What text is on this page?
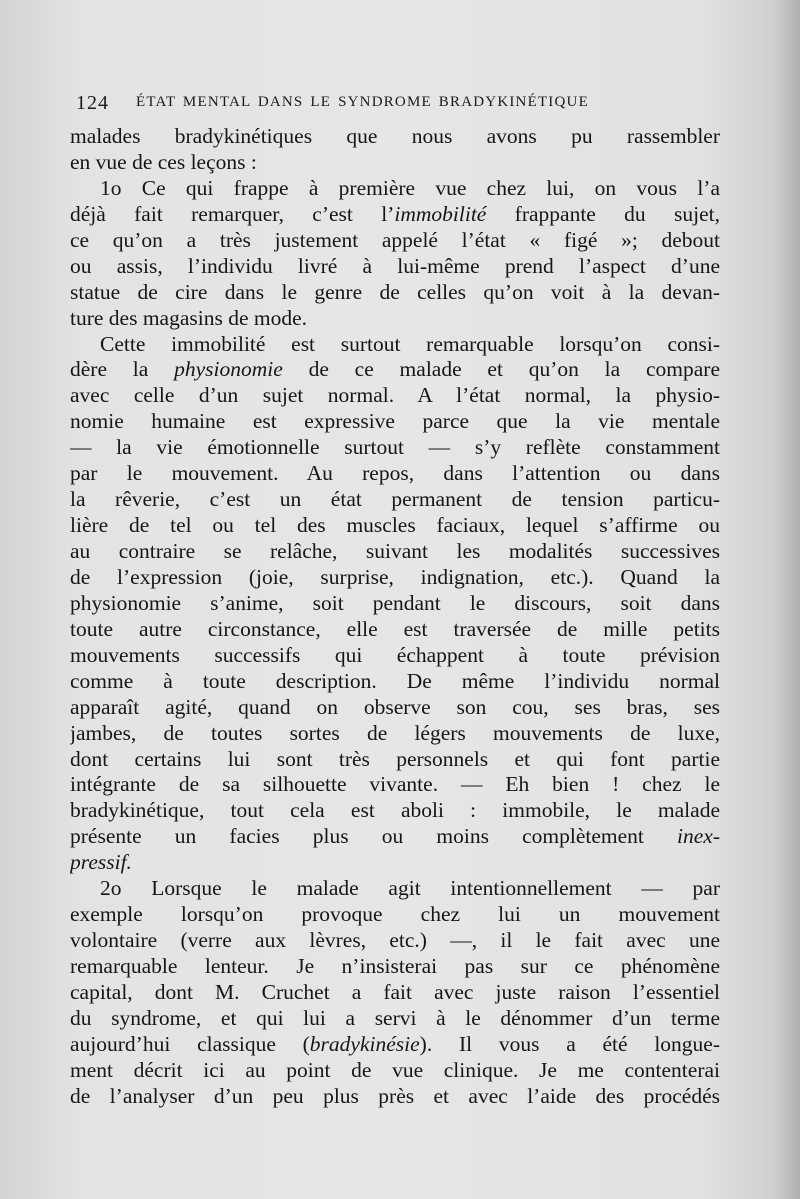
124 ÉTAT MENTAL DANS LE SYNDROME BRADYKINÉTIQUE
malades bradykinétiques que nous avons pu rassembler
en vue de ces leçons :
1o Ce qui frappe à première vue chez lui, on vous l’a
déjà fait remarquer, c’est l’immobilité frappante du sujet,
ce qu’on a très justement appelé l’état « figé »; debout
ou assis, l’individu livré à lui-même prend l’aspect d’une
statue de cire dans le genre de celles qu’on voit à la devan-
ture des magasins de mode.
Cette immobilité est surtout remarquable lorsqu’on consi-
dère la physionomie de ce malade et qu’on la compare
avec celle d’un sujet normal. A l’état normal, la physio-
nomie humaine est expressive parce que la vie mentale
— la vie émotionnelle surtout — s’y reflète constamment
par le mouvement. Au repos, dans l’attention ou dans
la rêverie, c’est un état permanent de tension particu-
lière de tel ou tel des muscles faciaux, lequel s’affirme ou
au contraire se relâche, suivant les modalités successives
de l’expression (joie, surprise, indignation, etc.). Quand la
physionomie s’anime, soit pendant le discours, soit dans
toute autre circonstance, elle est traversée de mille petits
mouvements successifs qui échappent à toute prévision
comme à toute description. De même l’individu normal
apparaît agité, quand on observe son cou, ses bras, ses
jambes, de toutes sortes de légers mouvements de luxe,
dont certains lui sont très personnels et qui font partie
intégrante de sa silhouette vivante. — Eh bien ! chez le
bradykinétique, tout cela est aboli : immobile, le malade
présente un facies plus ou moins complètement inex-
pressif.
2o Lorsque le malade agit intentionnellement — par
exemple lorsqu’on provoque chez lui un mouvement
volontaire (verre aux lèvres, etc.) —, il le fait avec une
remarquable lenteur. Je n’insisterai pas sur ce phénomène
capital, dont M. Cruchet a fait avec juste raison l’essentiel
du syndrome, et qui lui a servi à le dénommer d’un terme
aujourd’hui classique (bradykinésie). Il vous a été longue-
ment décrit ici au point de vue clinique. Je me contenterai
de l’analyser d’un peu plus près et avec l’aide des procédés
